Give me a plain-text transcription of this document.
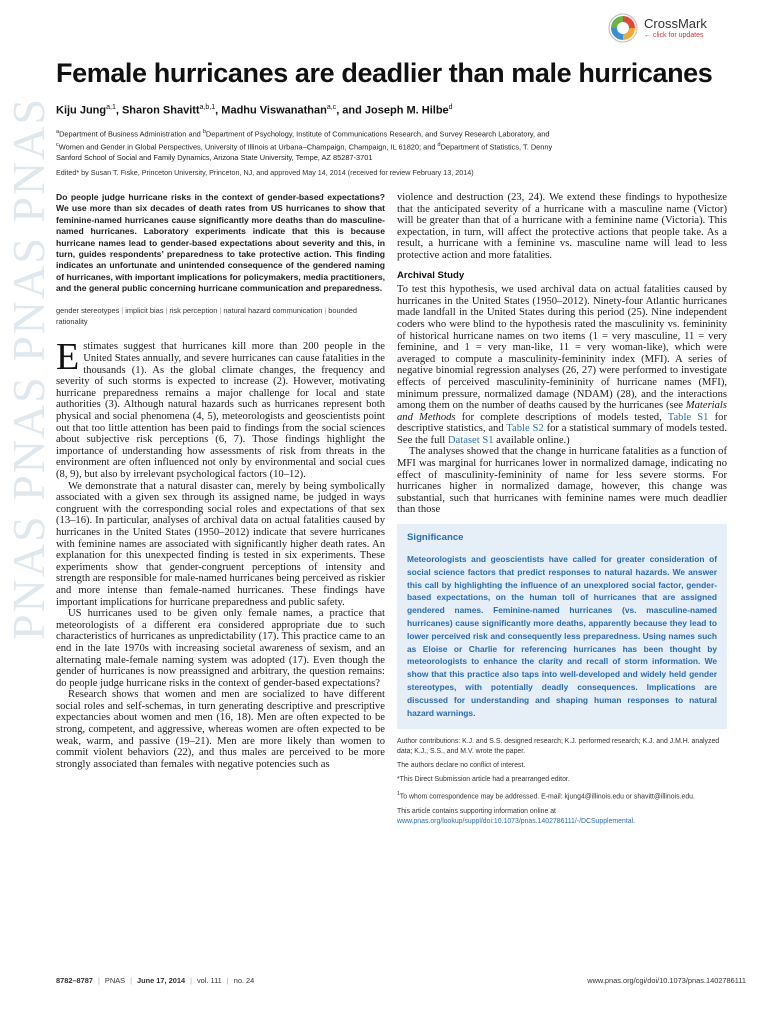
PNAS PNAS PNAS PNAS
CrossMark
← click for updates
Female hurricanes are deadlier than male hurricanes
Kiju Jung$^{a,1}$, Sharon Shavitt$^{a,b,1}$, Madhu Viswanathan$^{a,c}$, and Joseph M. Hilbe$^d$
$^a$Department of Business Administration and $^b$Department of Psychology, Institute of Communications Research, and Survey Research Laboratory, and
$^c$Women and Gender in Global Perspectives, University of Illinois at Urbana–Champaign, Champaign, IL 61820; and $^d$Department of Statistics, T. Denny
Sanford School of Social and Family Dynamics, Arizona State University, Tempe, AZ 85287-3701
Edited* by Susan T. Fiske, Princeton University, Princeton, NJ, and approved May 14, 2014 (received for review February 13, 2014)
Do people judge hurricane risks in the context of gender-based expectations? We use more than six decades of death rates from US hurricanes to show that feminine-named hurricanes cause significantly more deaths than do masculine-named hurricanes. Laboratory experiments indicate that this is because hurricane names lead to gender-based expectations about severity and this, in turn, guides respondents’ preparedness to take protective action. This finding indicates an unfortunate and unintended consequence of the gendered naming of hurricanes, with important implications for policymakers, media practitioners, and the general public concerning hurricane communication and preparedness.
gender stereotypes | implicit bias | risk perception | natural hazard communication | bounded rationality

Estimates suggest that hurricanes kill more than 200 people in the United States annually, and severe hurricanes can cause fatalities in the thousands (1). As the global climate changes, the frequency and severity of such storms is expected to increase (2). However, motivating hurricane preparedness remains a major challenge for local and state authorities (3). Although natural hazards such as hurricanes represent both physical and social phenomena (4, 5), meteorologists and geoscientists point out that too little attention has been paid to findings from the social sciences about subjective risk perceptions (6, 7). Those findings highlight the importance of understanding how assessments of risk from threats in the environment are often influenced not only by environmental and social cues (8, 9), but also by irrelevant psychological factors (10–12).

We demonstrate that a natural disaster can, merely by being symbolically associated with a given sex through its assigned name, be judged in ways congruent with the corresponding social roles and expectations of that sex (13–16). In particular, analyses of archival data on actual fatalities caused by hurricanes in the United States (1950–2012) indicate that severe hurricanes with feminine names are associated with significantly higher death rates. An explanation for this unexpected finding is tested in six experiments. These experiments show that gender-congruent perceptions of intensity and strength are responsible for male-named hurricanes being perceived as riskier and more intense than female-named hurricanes. These findings have important implications for hurricane preparedness and public safety.

US hurricanes used to be given only female names, a practice that meteorologists of a different era considered appropriate due to such characteristics of hurricanes as unpredictability (17). This practice came to an end in the late 1970s with increasing societal awareness of sexism, and an alternating male-female naming system was adopted (17). Even though the gender of hurricanes is now preassigned and arbitrary, the question remains: do people judge hurricane risks in the context of gender-based expectations?

Research shows that women and men are socialized to have different social roles and self-schemas, in turn generating descriptive and prescriptive expectancies about women and men (16, 18). Men are often expected to be strong, competent, and aggressive, whereas women are often expected to be weak, warm, and passive (19–21). Men are more likely than women to commit violent behaviors (22), and thus males are perceived to be more strongly associated than females with negative potencies such as

violence and destruction (23, 24). We extend these findings to hypothesize that the anticipated severity of a hurricane with a masculine name (Victor) will be greater than that of a hurricane with a feminine name (Victoria). This expectation, in turn, will affect the protective actions that people take. As a result, a hurricane with a feminine vs. masculine name will lead to less protective action and more fatalities.

Archival Study

To test this hypothesis, we used archival data on actual fatalities caused by hurricanes in the United States (1950–2012). Ninety-four Atlantic hurricanes made landfall in the United States during this period (25). Nine independent coders who were blind to the hypothesis rated the masculinity vs. femininity of historical hurricane names on two items (1 = very masculine, 11 = very feminine, and 1 = very man-like, 11 = very woman-like), which were averaged to compute a masculinity-femininity index (MFI). A series of negative binomial regression analyses (26, 27) were performed to investigate effects of perceived masculinity-femininity of hurricane names (MFI), minimum pressure, normalized damage (NDAM) (28), and the interactions among them on the number of deaths caused by the hurricanes (see Materials and Methods for complete descriptions of models tested, Table S1 for descriptive statistics, and Table S2 for a statistical summary of models tested. See the full Dataset S1 available online.)

The analyses showed that the change in hurricane fatalities as a function of MFI was marginal for hurricanes lower in normalized damage, indicating no effect of masculinity-femininity of name for less severe storms. For hurricanes higher in normalized damage, however, this change was substantial, such that hurricanes with feminine names were much deadlier than those

Significance
Meteorologists and geoscientists have called for greater consideration of social science factors that predict responses to natural hazards. We answer this call by highlighting the influence of an unexplored social factor, gender-based expectations, on the human toll of hurricanes that are assigned gendered names. Feminine-named hurricanes (vs. masculine-named hurricanes) cause significantly more deaths, apparently because they lead to lower perceived risk and consequently less preparedness. Using names such as Eloise or Charlie for referencing hurricanes has been thought by meteorologists to enhance the clarity and recall of storm information. We show that this practice also taps into well-developed and widely held gender stereotypes, with potentially deadly consequences. Implications are discussed for understanding and shaping human responses to natural hazard warnings.

Author contributions: K.J. and S.S. designed research; K.J. performed research; K.J. and J.M.H. analyzed data; K.J., S.S., and M.V. wrote the paper.

The authors declare no conflict of interest.

*This Direct Submission article had a prearranged editor.

$^1$To whom correspondence may be addressed. E-mail: kjung4@illinois.edu or shavitt@illinois.edu.

This article contains supporting information online at www.pnas.org/lookup/suppl/doi:10.1073/pnas.1402786111/-/DCSupplemental.

8782–8787 | PNAS | June 17, 2014 | vol. 111 | no. 24	www.pnas.org/cgi/doi/10.1073/pnas.1402786111
